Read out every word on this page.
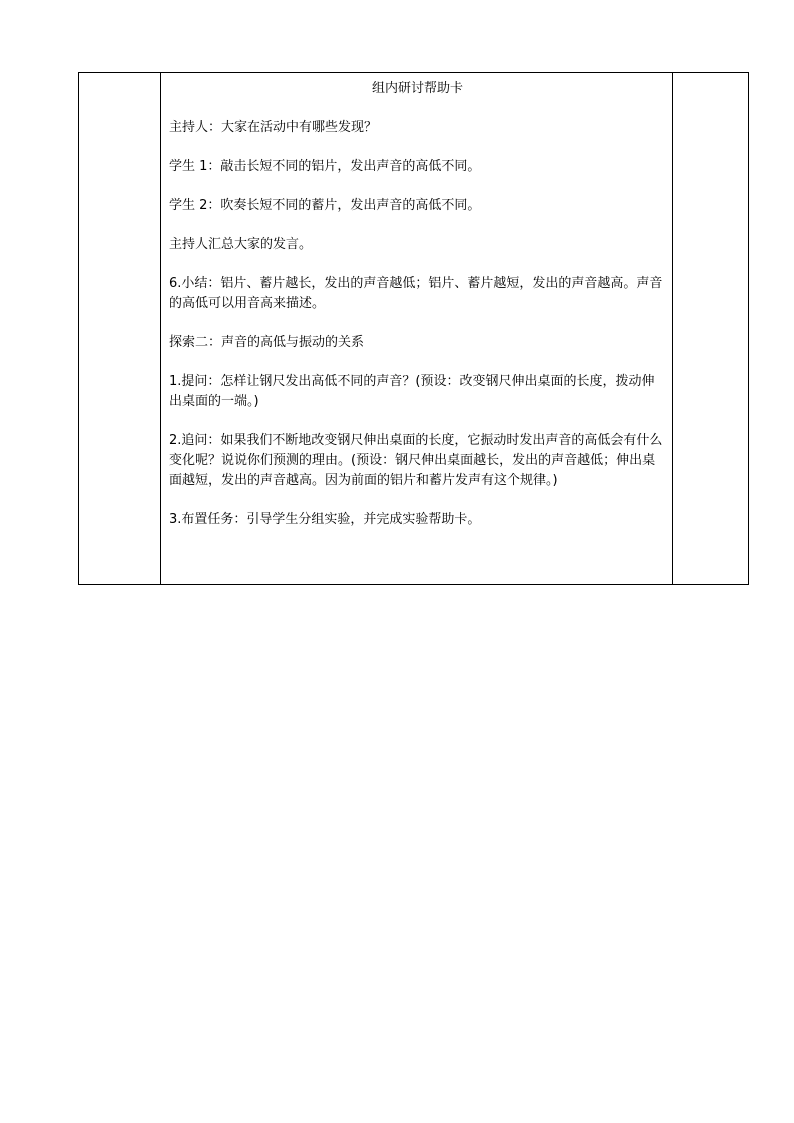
组内研讨帮助卡

主持人：大家在活动中有哪些发现？

学生 1：敲击长短不同的铝片，发出声音的高低不同。

学生 2：吹奏长短不同的蓄片，发出声音的高低不同。

主持人汇总大家的发言。

6.小结：铝片、蓄片越长，发出的声音越低；铝片、蓄片越短，发出的声音越高。声音的高低可以用音高来描述。

探索二：声音的高低与振动的关系

1.提问：怎样让钢尺发出高低不同的声音？(预设：改变钢尺伸出桌面的长度，拨动伸出桌面的一端。)

2.追问：如果我们不断地改变钢尺伸出桌面的长度，它振动时发出声音的高低会有什么变化呢？说说你们预测的理由。(预设：钢尺伸出桌面越长，发出的声音越低；伸出桌面越短，发出的声音越高。因为前面的铝片和蓄片发声有这个规律。)

3.布置任务：引导学生分组实验，并完成实验帮助卡。
